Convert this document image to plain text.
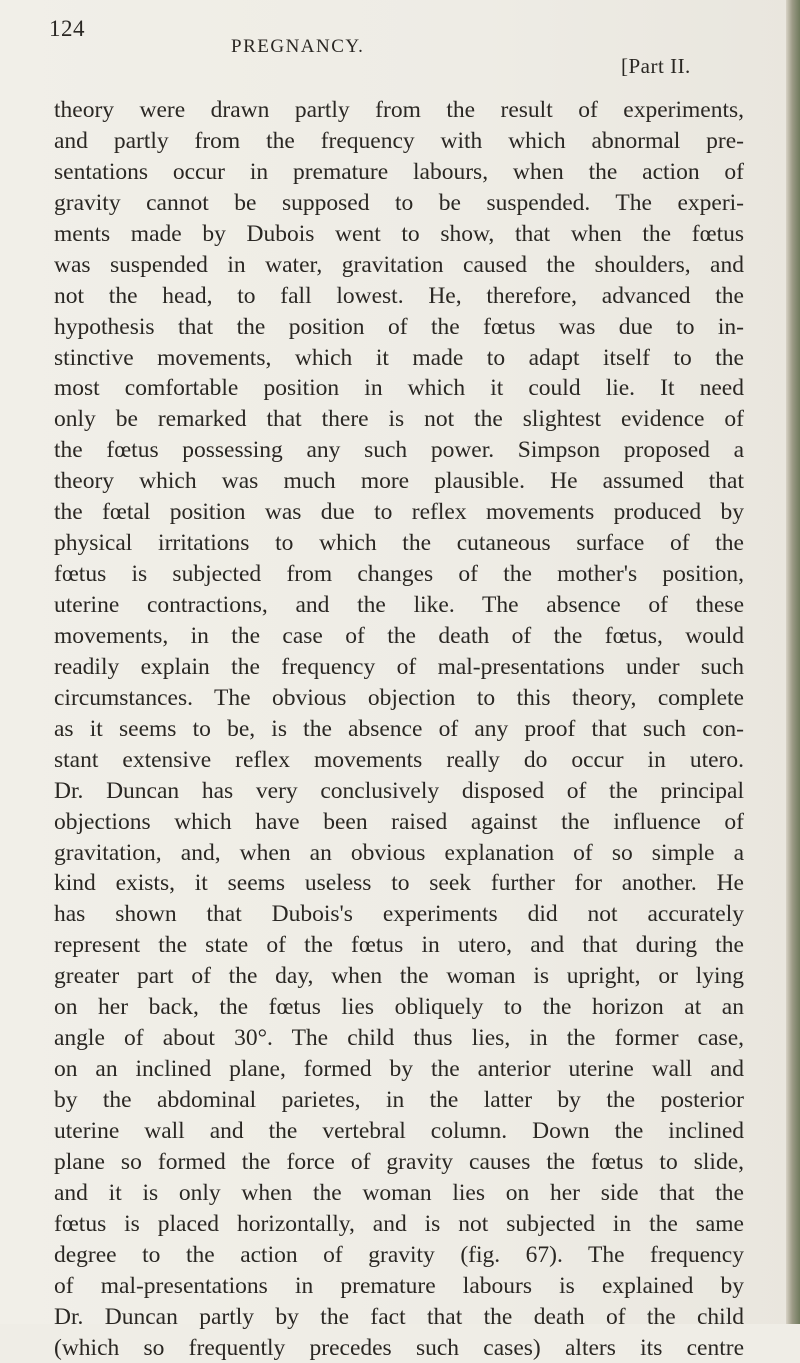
124
PREGNANCY.
[Part II.
theory were drawn partly from the result of experiments,
and partly from the frequency with which abnormal pre-
sentations occur in premature labours, when the action of
gravity cannot be supposed to be suspended. The experi-
ments made by Dubois went to show, that when the fœtus
was suspended in water, gravitation caused the shoulders, and
not the head, to fall lowest. He, therefore, advanced the
hypothesis that the position of the fœtus was due to in-
stinctive movements, which it made to adapt itself to the
most comfortable position in which it could lie. It need
only be remarked that there is not the slightest evidence of
the fœtus possessing any such power. Simpson proposed a
theory which was much more plausible. He assumed that
the fœtal position was due to reflex movements produced by
physical irritations to which the cutaneous surface of the
fœtus is subjected from changes of the mother's position,
uterine contractions, and the like. The absence of these
movements, in the case of the death of the fœtus, would
readily explain the frequency of mal-presentations under such
circumstances. The obvious objection to this theory, complete
as it seems to be, is the absence of any proof that such con-
stant extensive reflex movements really do occur in utero.
Dr. Duncan has very conclusively disposed of the principal
objections which have been raised against the influence of
gravitation, and, when an obvious explanation of so simple a
kind exists, it seems useless to seek further for another. He
has shown that Dubois's experiments did not accurately
represent the state of the fœtus in utero, and that during the
greater part of the day, when the woman is upright, or lying
on her back, the fœtus lies obliquely to the horizon at an
angle of about 30°. The child thus lies, in the former case,
on an inclined plane, formed by the anterior uterine wall and
by the abdominal parietes, in the latter by the posterior
uterine wall and the vertebral column. Down the inclined
plane so formed the force of gravity causes the fœtus to slide,
and it is only when the woman lies on her side that the
fœtus is placed horizontally, and is not subjected in the same
degree to the action of gravity (fig. 67). The frequency
of mal-presentations in premature labours is explained by
Dr. Duncan partly by the fact that the death of the child
(which so frequently precedes such cases) alters its centre
